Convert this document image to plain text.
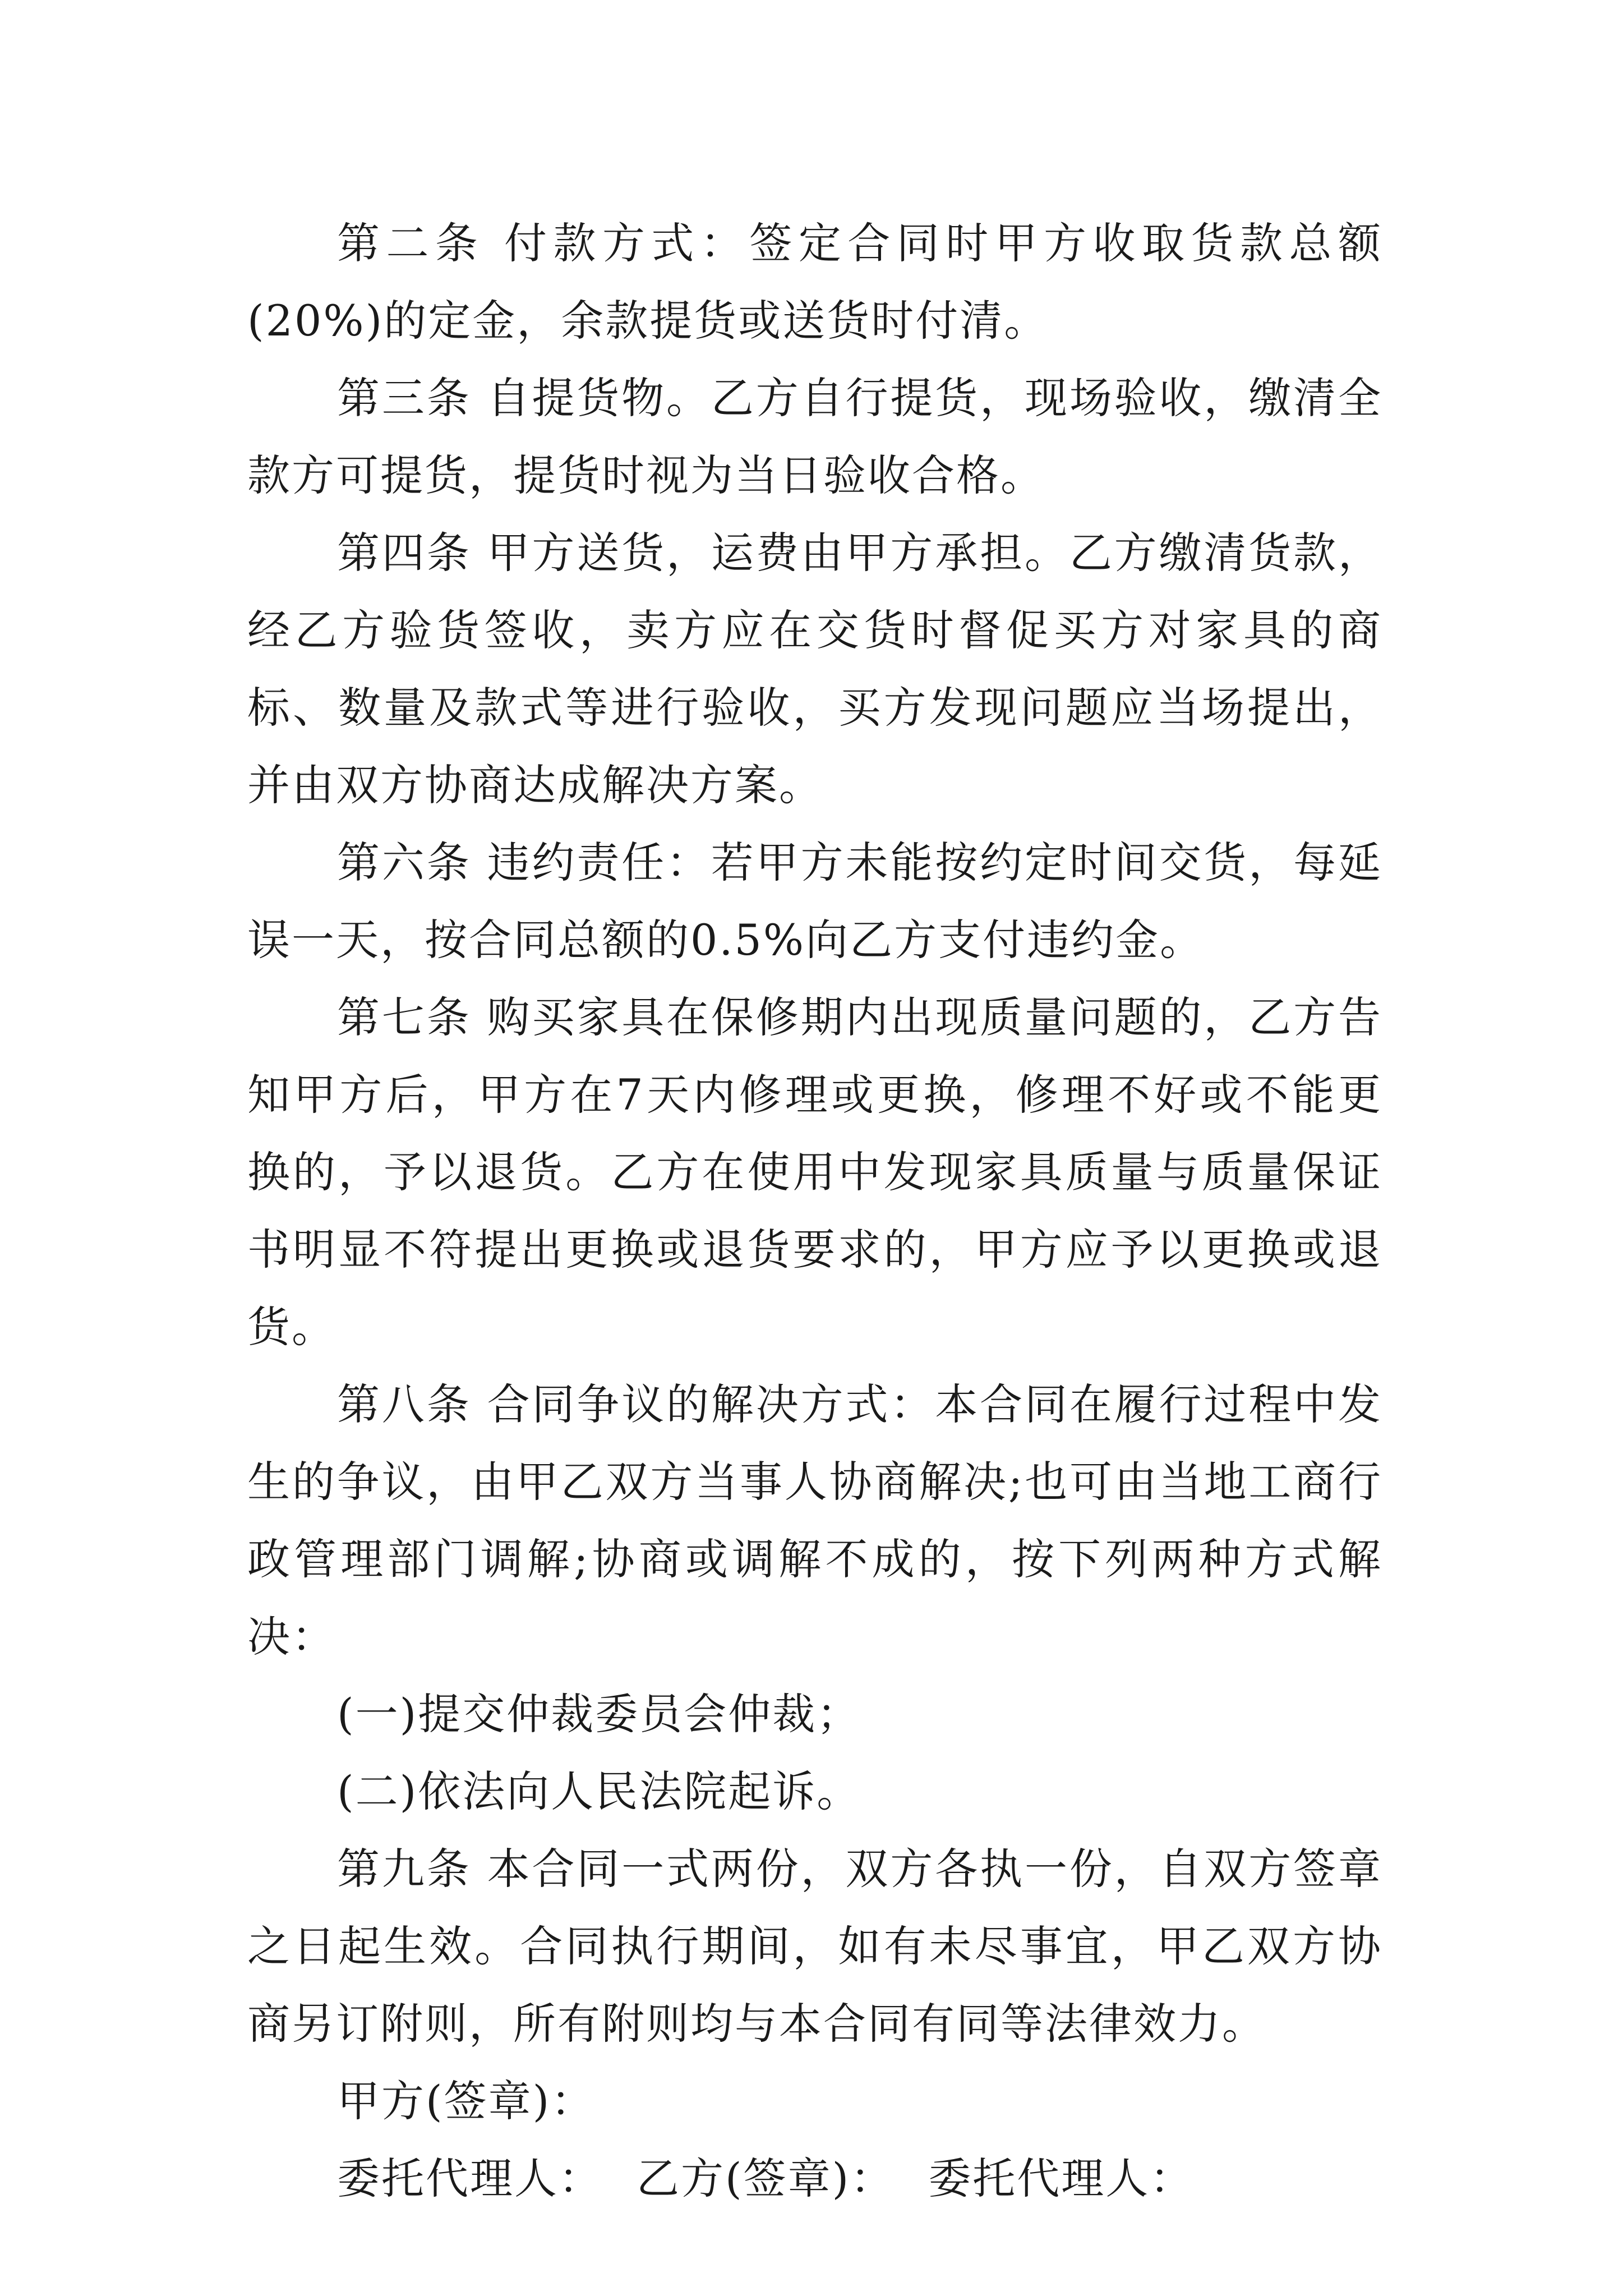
第二条 付款方式：签定合同时甲方收取货款总额(20%)的定金，余款提货或送货时付清。

第三条 自提货物。乙方自行提货，现场验收，缴清全款方可提货，提货时视为当日验收合格。

第四条 甲方送货，运费由甲方承担。乙方缴清货款，经乙方验货签收，卖方应在交货时督促买方对家具的商标、数量及款式等进行验收，买方发现问题应当场提出，并由双方协商达成解决方案。

第六条 违约责任：若甲方未能按约定时间交货，每延误一天，按合同总额的0.5%向乙方支付违约金。

第七条 购买家具在保修期内出现质量问题的，乙方告知甲方后，甲方在7天内修理或更换，修理不好或不能更换的，予以退货。乙方在使用中发现家具质量与质量保证书明显不符提出更换或退货要求的，甲方应予以更换或退货。

第八条 合同争议的解决方式：本合同在履行过程中发生的争议，由甲乙双方当事人协商解决;也可由当地工商行政管理部门调解;协商或调解不成的，按下列两种方式解决：

(一)提交仲裁委员会仲裁；

(二)依法向人民法院起诉。

第九条 本合同一式两份，双方各执一份，自双方签章之日起生效。合同执行期间，如有未尽事宜，甲乙双方协商另订附则，所有附则均与本合同有同等法律效力。

甲方(签章)：

委托代理人： 乙方(签章)： 委托代理人：
